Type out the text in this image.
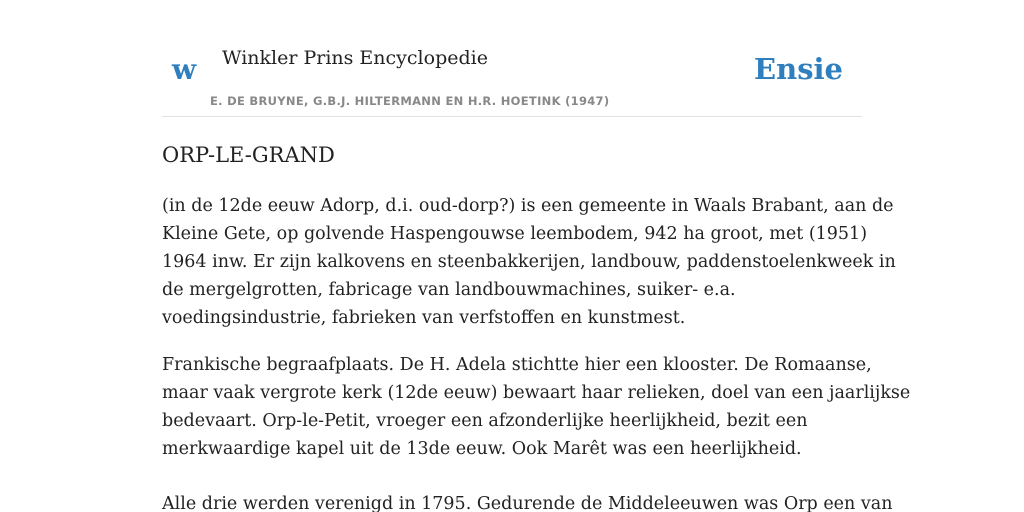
w Winkler Prins Encyclopedie
E. DE BRUYNE, G.B.J. HILTERMANN EN H.R. HOETINK (1947)
Ensie
ORP-LE-GRAND
(in de 12de eeuw Adorp, d.i. oud-dorp?) is een gemeente in Waals Brabant, aan de
Kleine Gete, op golvende Haspengouwse leembodem, 942 ha groot, met (1951)
1964 inw. Er zijn kalkovens en steenbakkerijen, landbouw, paddenstoelenkweek in
de mergelgrotten, fabricage van landbouwmachines, suiker- e.a.
voedingsindustrie, fabrieken van verfstoffen en kunstmest.
Frankische begraafplaats. De H. Adela stichtte hier een klooster. De Romaanse,
maar vaak vergrote kerk (12de eeuw) bewaart haar relieken, doel van een jaarlijkse
bedevaart. Orp-le-Petit, vroeger een afzonderlijke heerlijkheid, bezit een
merkwaardige kapel uit de 13de eeuw. Ook Marêt was een heerlijkheid.
Alle drie werden verenigd in 1795. Gedurende de Middeleeuwen was Orp een van
